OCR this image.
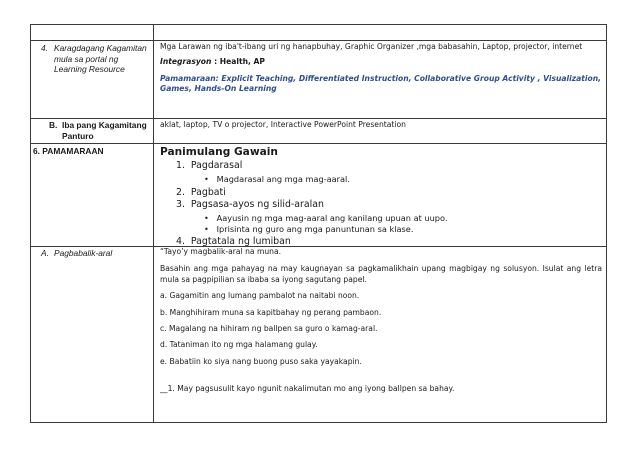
4. Karagdagang Kagamitan mula sa portal ng Learning Resource
Mga Larawan ng iba't-ibang uri ng hanapbuhay, Graphic Organizer ,mga babasahin, Laptop, projector, internet
Integrasyon : Health, AP
Pamamaraan: Explicit Teaching, Differentiated Instruction, Collaborative Group Activity , Visualization, Games, Hands-On Learning
B. Iba pang Kagamitang Panturo
aklat, laptop, TV o projector, Interactive PowerPoint Presentation
6. PAMAMARAAN	Panimulang Gawain
1. Pagdarasal
•   Magdarasal ang mga mag-aaral.
2. Pagbati
3. Pagsasa-ayos ng silid-aralan
•   Aayusin ng mga mag-aaral ang kanilang upuan at uupo.
•   Iprisinta ng guro ang mga panuntunan sa klase.
4. Pagtatala ng lumiban
A. Pagbabalik-aral	“Tayo’y magbalik-aral na muna.
Basahin ang mga pahayag na may kaugnayan sa pagkamalikhain upang magbigay ng solusyon. Isulat ang letra mula sa pagpipilian sa ibaba sa iyong sagutang papel.
a. Gagamitin ang lumang pambalot na naitabi noon.
b. Manghihiram muna sa kapitbahay ng perang pambaon.
c. Magalang na hihiram ng ballpen sa guro o kamag-aral.
d. Tataniman ito ng mga halamang gulay.
e. Babatiin ko siya nang buong puso saka yayakapin.
__1. May pagsusulit kayo ngunit nakalimutan mo ang iyong ballpen sa bahay.
